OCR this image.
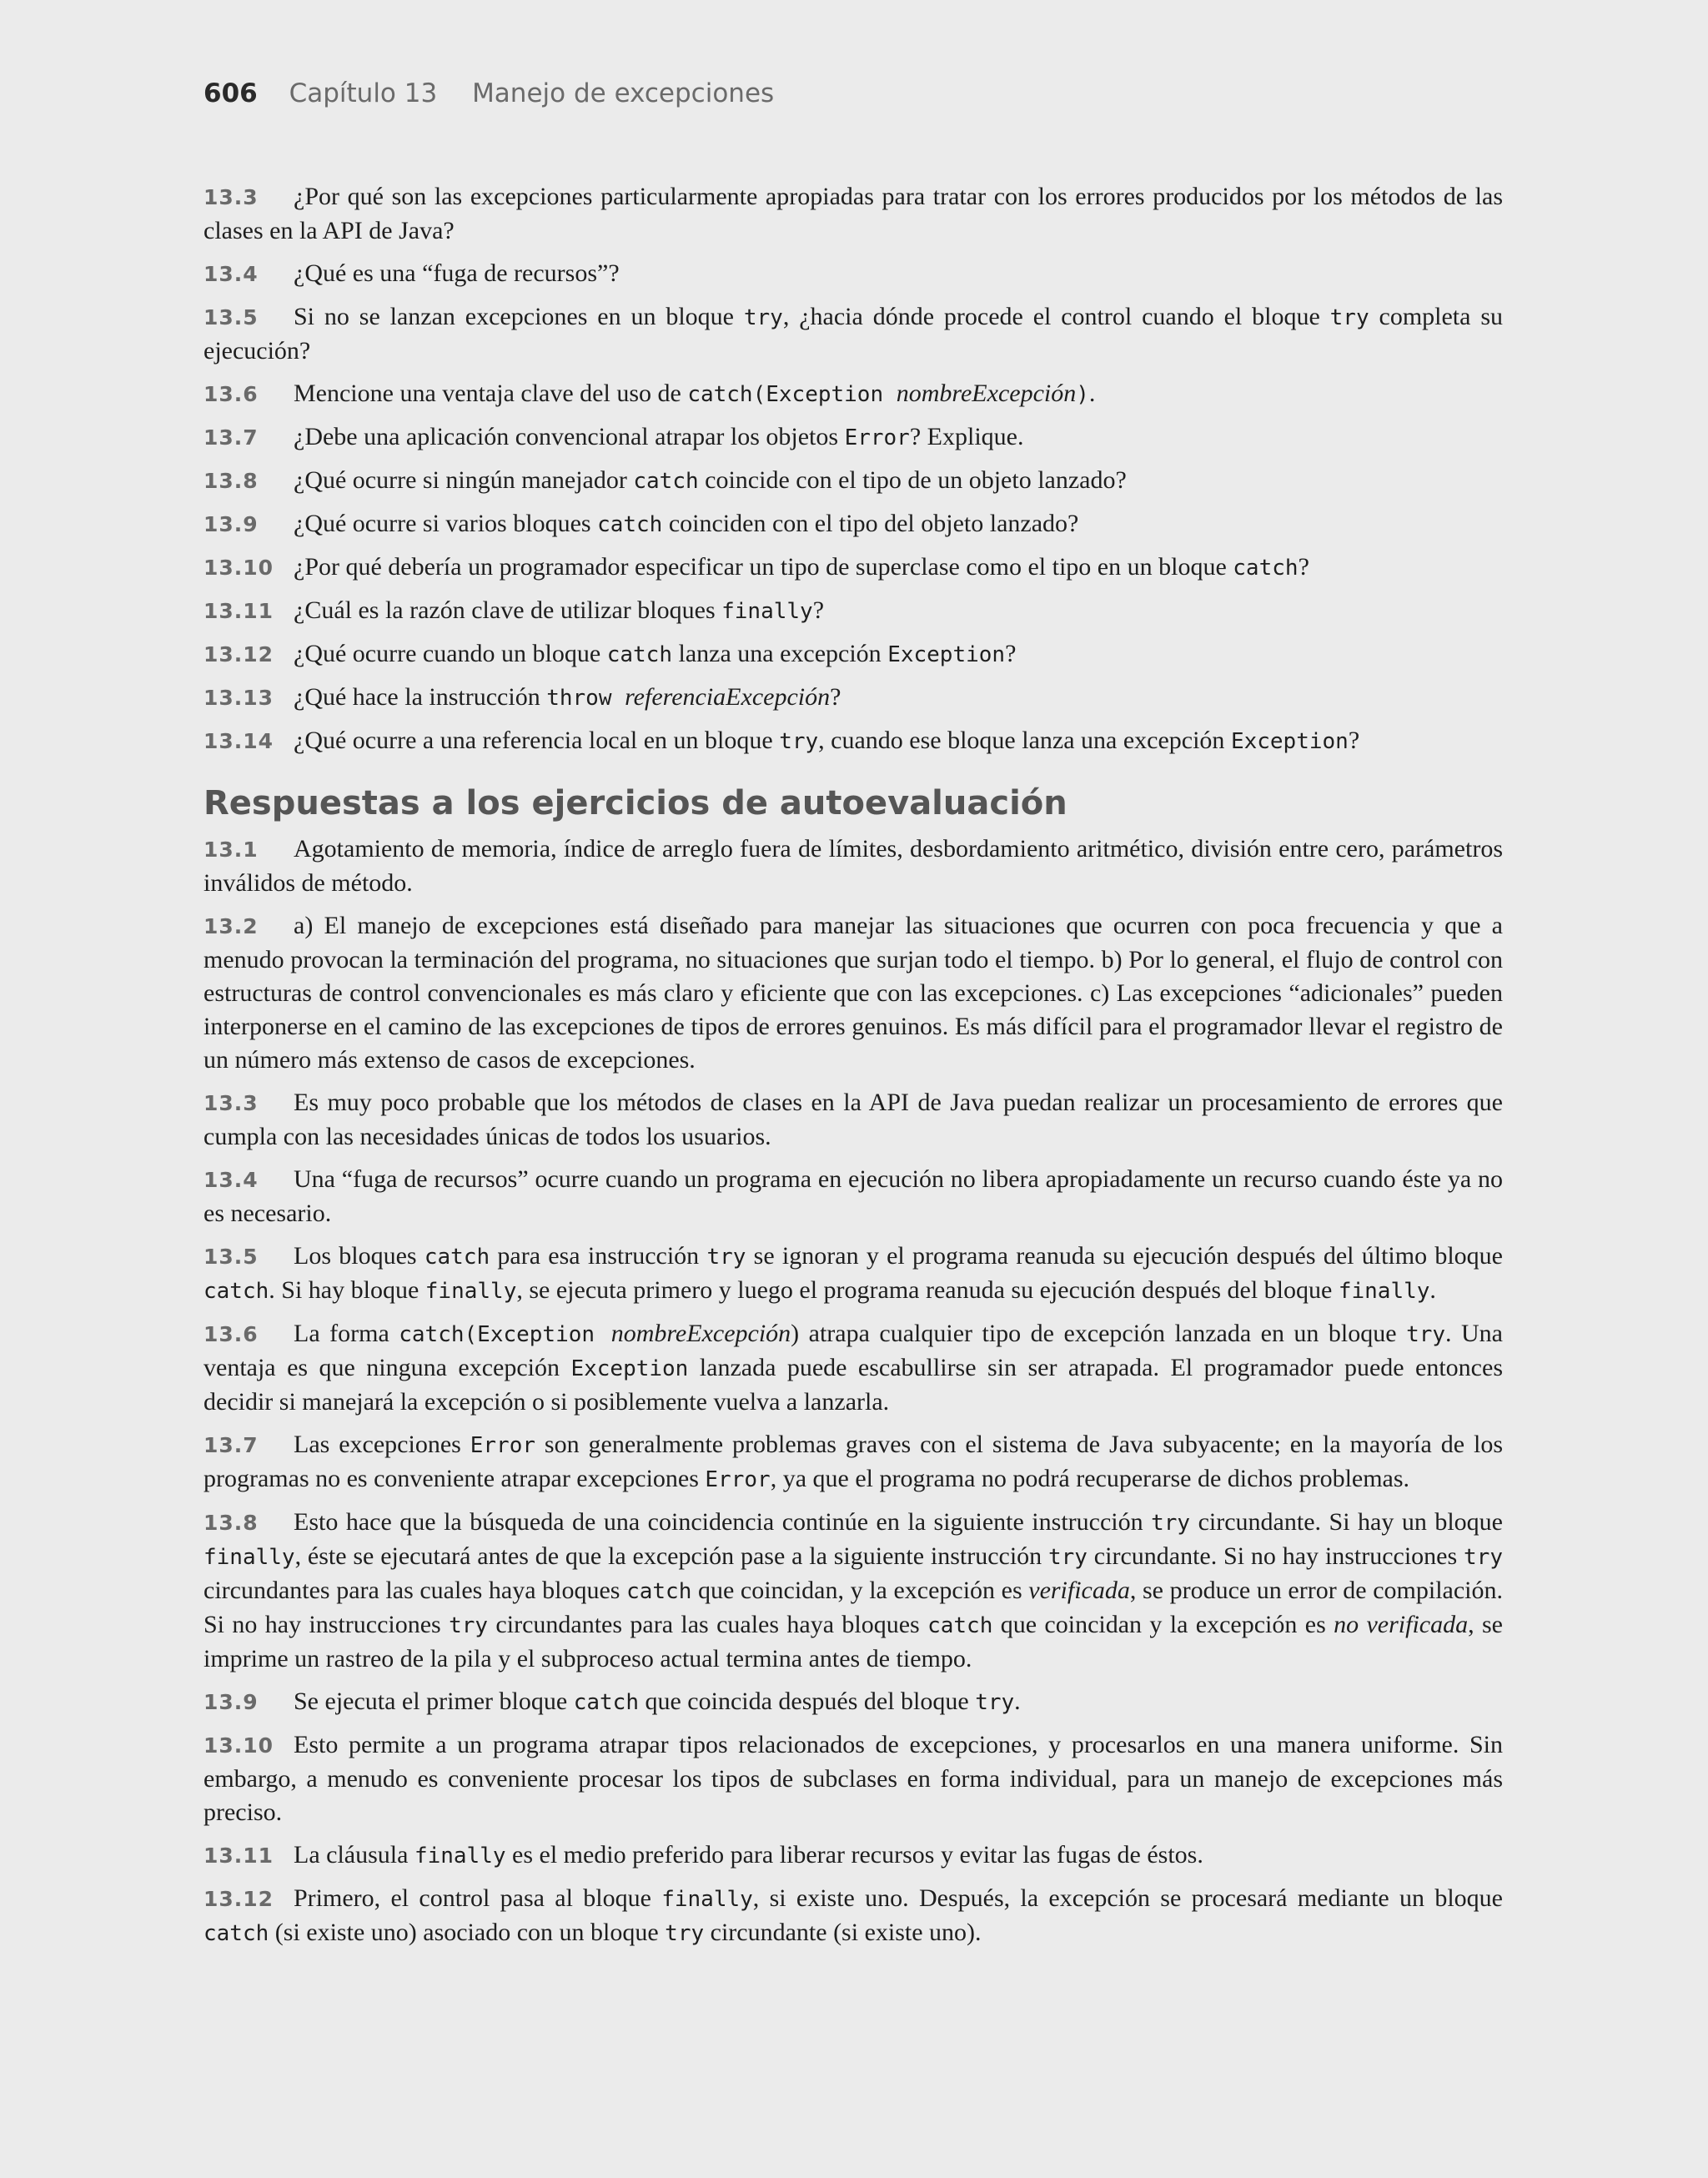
606 Capítulo 13 Manejo de excepciones

13.3 ¿Por qué son las excepciones particularmente apropiadas para tratar con los errores producidos por los métodos de las clases en la API de Java?

13.4 ¿Qué es una “fuga de recursos”?

13.5 Si no se lanzan excepciones en un bloque try, ¿hacia dónde procede el control cuando el bloque try completa su ejecución?

13.6 Mencione una ventaja clave del uso de catch(Exception nombreExcepción).

13.7 ¿Debe una aplicación convencional atrapar los objetos Error? Explique.

13.8 ¿Qué ocurre si ningún manejador catch coincide con el tipo de un objeto lanzado?

13.9 ¿Qué ocurre si varios bloques catch coinciden con el tipo del objeto lanzado?

13.10 ¿Por qué debería un programador especificar un tipo de superclase como el tipo en un bloque catch?

13.11 ¿Cuál es la razón clave de utilizar bloques finally?

13.12 ¿Qué ocurre cuando un bloque catch lanza una excepción Exception?

13.13 ¿Qué hace la instrucción throw referenciaExcepción?

13.14 ¿Qué ocurre a una referencia local en un bloque try, cuando ese bloque lanza una excepción Exception?

Respuestas a los ejercicios de autoevaluación

13.1 Agotamiento de memoria, índice de arreglo fuera de límites, desbordamiento aritmético, división entre cero, parámetros inválidos de método.

13.2 a) El manejo de excepciones está diseñado para manejar las situaciones que ocurren con poca frecuencia y que a menudo provocan la terminación del programa, no situaciones que surjan todo el tiempo. b) Por lo general, el flujo de control con estructuras de control convencionales es más claro y eficiente que con las excepciones. c) Las excepciones “adicionales” pueden interponerse en el camino de las excepciones de tipos de errores genuinos. Es más difícil para el programador llevar el registro de un número más extenso de casos de excepciones.

13.3 Es muy poco probable que los métodos de clases en la API de Java puedan realizar un procesamiento de errores que cumpla con las necesidades únicas de todos los usuarios.

13.4 Una “fuga de recursos” ocurre cuando un programa en ejecución no libera apropiadamente un recurso cuando éste ya no es necesario.

13.5 Los bloques catch para esa instrucción try se ignoran y el programa reanuda su ejecución después del último bloque catch. Si hay bloque finally, se ejecuta primero y luego el programa reanuda su ejecución después del bloque finally.

13.6 La forma catch(Exception nombreExcepción) atrapa cualquier tipo de excepción lanzada en un bloque try. Una ventaja es que ninguna excepción Exception lanzada puede escabullirse sin ser atrapada. El programador puede entonces decidir si manejará la excepción o si posiblemente vuelva a lanzarla.

13.7 Las excepciones Error son generalmente problemas graves con el sistema de Java subyacente; en la mayoría de los programas no es conveniente atrapar excepciones Error, ya que el programa no podrá recuperarse de dichos problemas.

13.8 Esto hace que la búsqueda de una coincidencia continúe en la siguiente instrucción try circundante. Si hay un bloque finally, éste se ejecutará antes de que la excepción pase a la siguiente instrucción try circundante. Si no hay instrucciones try circundantes para las cuales haya bloques catch que coincidan, y la excepción es verificada, se produce un error de compilación. Si no hay instrucciones try circundantes para las cuales haya bloques catch que coincidan y la excepción es no verificada, se imprime un rastreo de la pila y el subproceso actual termina antes de tiempo.

13.9 Se ejecuta el primer bloque catch que coincida después del bloque try.

13.10 Esto permite a un programa atrapar tipos relacionados de excepciones, y procesarlos en una manera uniforme. Sin embargo, a menudo es conveniente procesar los tipos de subclases en forma individual, para un manejo de excepciones más preciso.

13.11 La cláusula finally es el medio preferido para liberar recursos y evitar las fugas de éstos.

13.12 Primero, el control pasa al bloque finally, si existe uno. Después, la excepción se procesará mediante un bloque catch (si existe uno) asociado con un bloque try circundante (si existe uno).
